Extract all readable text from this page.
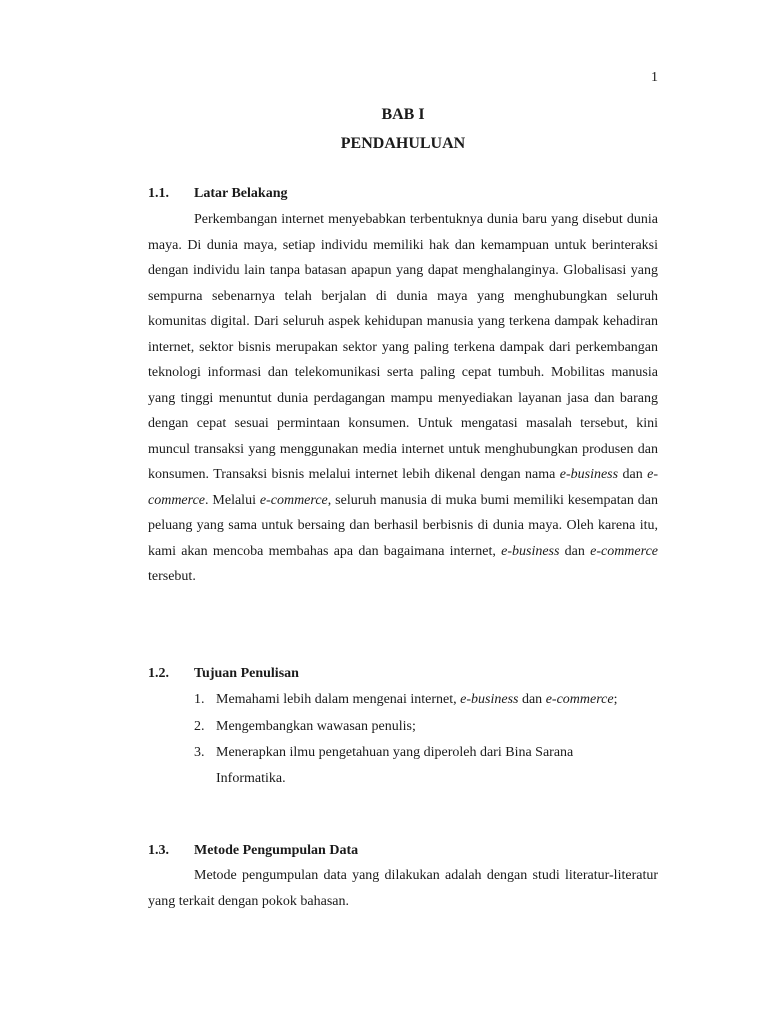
1
BAB I
PENDAHULUAN
1.1. Latar Belakang

Perkembangan internet menyebabkan terbentuknya dunia baru yang disebut dunia maya. Di dunia maya, setiap individu memiliki hak dan kemampuan untuk berinteraksi dengan individu lain tanpa batasan apapun yang dapat menghalanginya. Globalisasi yang sempurna sebenarnya telah berjalan di dunia maya yang menghubungkan seluruh komunitas digital. Dari seluruh aspek kehidupan manusia yang terkena dampak kehadiran internet, sektor bisnis merupakan sektor yang paling terkena dampak dari perkembangan teknologi informasi dan telekomunikasi serta paling cepat tumbuh. Mobilitas manusia yang tinggi menuntut dunia perdagangan mampu menyediakan layanan jasa dan barang dengan cepat sesuai permintaan konsumen. Untuk mengatasi masalah tersebut, kini muncul transaksi yang menggunakan media internet untuk menghubungkan produsen dan konsumen. Transaksi bisnis melalui internet lebih dikenal dengan nama e-business dan e-commerce. Melalui e-commerce, seluruh manusia di muka bumi memiliki kesempatan dan peluang yang sama untuk bersaing dan berhasil berbisnis di dunia maya. Oleh karena itu, kami akan mencoba membahas apa dan bagaimana internet, e-business dan e-commerce tersebut.

1.2. Tujuan Penulisan
1. Memahami lebih dalam mengenai internet, e-business dan e-commerce;
2. Mengembangkan wawasan penulis;
3. Menerapkan ilmu pengetahuan yang diperoleh dari Bina Sarana Informatika.
1.3. Metode Pengumpulan Data

Metode pengumpulan data yang dilakukan adalah dengan studi literatur-literatur yang terkait dengan pokok bahasan.
